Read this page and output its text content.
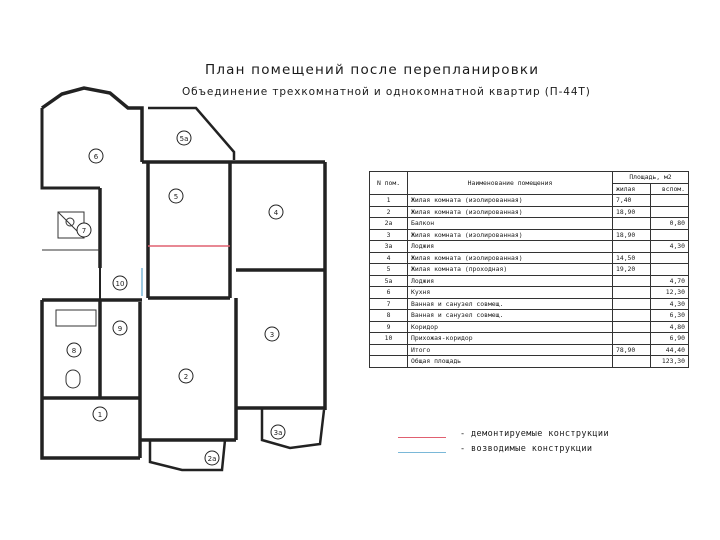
План помещений после перепланировки
Объединение трехкомнатной и однокомнатной квартир (П-44Т)
6
7
5
5а
4
10
9
8
2
3
1
2а
3а
N пом.	Наименование помещения	Площадь, м2	
		жилая	вспом.
1	Жилая комната (изолированная)	7,40	
2	Жилая комната (изолированная)	18,90	
2а	Балкон		0,80
3	Жилая комната (изолированная)	18,90	
3а	Лоджия		4,30
4	Жилая комната (изолированная)	14,50	
5	Жилая комната (проходная)	19,20	
5а	Лоджия		4,70
6	Кухня		12,30
7	Ванная и санузел совмещ.		4,30
8	Ванная и санузел совмещ.		6,30
9	Коридор		4,80
10	Прихожая-коридор		6,90
	Итого	78,90	44,40
	Общая площадь		123,30
- демонтируемые конструкции
- возводимые конструкции
